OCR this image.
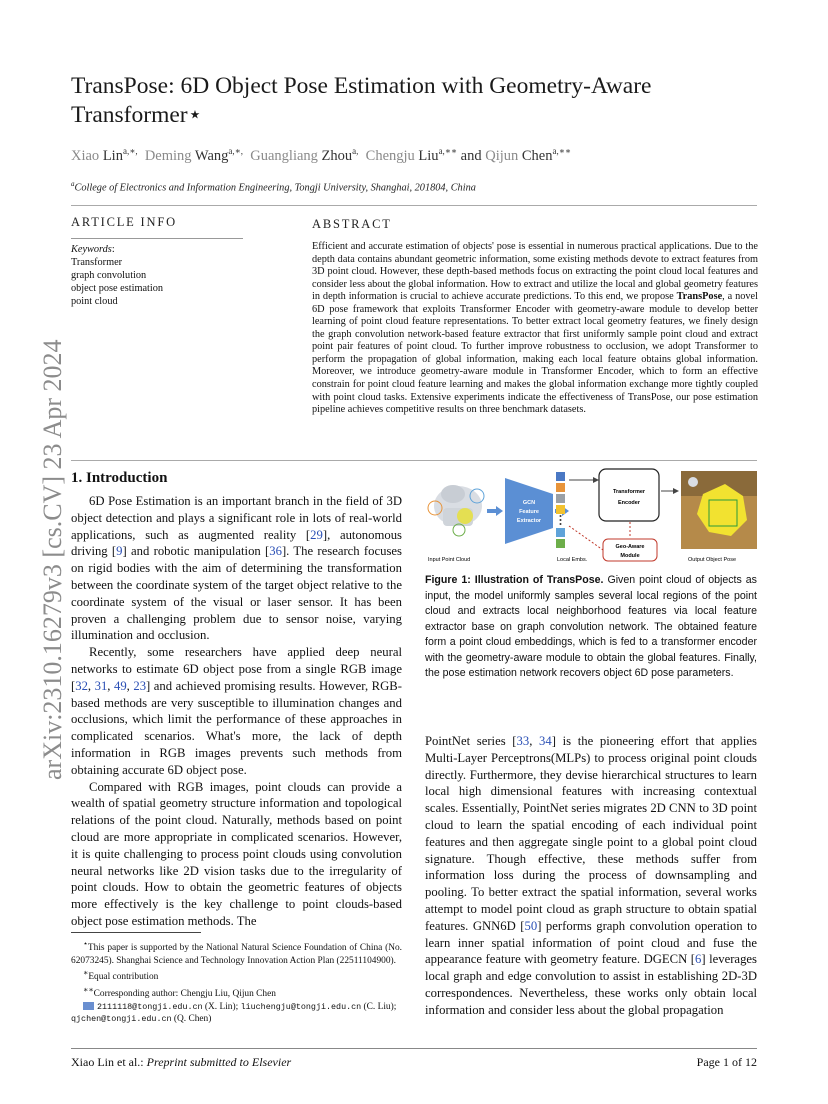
TransPose: 6D Object Pose Estimation with Geometry-Aware Transformer⋆
Xiao Lin$^{a,∗,}$ Deming Wang$^{a,∗,}$ Guangliang Zhou$^{a,}$ Chengju Liu$^{a,∗∗}$ and Qijun Chen$^{a,∗∗}$
$^a$College of Electronics and Information Engineering, Tongji University, Shanghai, 201804, China
ARTICLE INFO	ABSTRACT
Keywords:
Transformer
graph convolution
object pose estimation
point cloud
Efficient and accurate estimation of objects' pose is essential in numerous practical applications. Due to the depth data contains abundant geometric information, some existing methods devote to extract features from 3D point cloud. However, these depth-based methods focus on extracting the point cloud local features and consider less about the global information. How to extract and utilize the local and global geometry features in depth information is crucial to achieve accurate predictions. To this end, we propose TransPose, a novel 6D pose framework that exploits Transformer Encoder with geometry-aware module to develop better learning of point cloud feature representations. To better extract local geometry features, we finely design the graph convolution network-based feature extractor that first uniformly sample point cloud and extract point pair features of point cloud. To further improve robustness to occlusion, we adopt Transformer to perform the propagation of global information, making each local feature obtains global information. Moreover, we introduce geometry-aware module in Transformer Encoder, which to form an effective constrain for point cloud feature learning and makes the global information exchange more tightly coupled with point cloud tasks. Extensive experiments indicate the effectiveness of TransPose, our pose estimation pipeline achieves competitive results on three benchmark datasets.
arXiv:2310.16279v3 [cs.CV] 23 Apr 2024 1. Introduction

6D Pose Estimation is an important branch in the field of 3D object detection and plays a significant role in lots of real-world applications, such as augmented reality [29], autonomous driving [9] and robotic manipulation [36]. The research focuses on rigid bodies with the aim of determining the transformation between the coordinate system of the target object relative to the coordinate system of the visual or laser sensor. It has been proven a challenging problem due to sensor noise, varying illumination and occlusion.

Recently, some researchers have applied deep neural networks to estimate 6D object pose from a single RGB image [32, 31, 49, 23] and achieved promising results. However, RGB-based methods are very susceptible to illumination changes and occlusions, which limit the performance of these approaches in complicated scenarios. What's more, the lack of depth information in RGB images prevents such methods from obtaining accurate 6D object pose.

Compared with RGB images, point clouds can provide a wealth of spatial geometry structure information and topological relations of the point cloud. Naturally, methods based on point cloud are more appropriate in complicated scenarios. However, it is quite challenging to process point clouds using convolution neural networks like 2D vision tasks due to the irregularity of point clouds. How to obtain the geometric features of objects more effectively is the key challenge to point clouds-based object pose estimation methods. The

Input Point Cloud
GCN
Feature
Extractor
Local Embs.
Transformer
Encoder
Geo-Aware
Module
Output Object Pose
Figure 1: Illustration of TransPose. Given point cloud of objects as input, the model uniformly samples several local regions of the point cloud and extracts local neighborhood features via local feature extractor base on graph convolution network. The obtained feature form a point cloud embeddings, which is fed to a transformer encoder with the geometry-aware module to obtain the global features. Finally, the pose estimation network recovers object 6D pose parameters.

PointNet series [33, 34] is the pioneering effort that applies Multi-Layer Perceptrons(MLPs) to process original point clouds directly. Furthermore, they devise hierarchical structures to learn local high dimensional features with increasing contextual scales. Essentially, PointNet series migrates 2D CNN to 3D point cloud to learn the spatial encoding of each individual point features and then aggregate single point to a global point cloud signature. Though effective, these methods suffer from information loss during the process of downsampling and pooling. To better extract the spatial information, several works attempt to model point cloud as graph structure to obtain spatial features. GNN6D [50] performs graph convolution operation to learn inner spatial information of point cloud and fuse the appearance feature with geometry feature. DGECN [6] leverages local graph and edge convolution to assist in establishing 2D-3D correspondences. Nevertheless, these works only obtain local information and consider less about the global propagation

⋆This paper is supported by the National Natural Science Foundation of China (No. 62073245). Shanghai Science and Technology Innovation Action Plan (22511104900).
∗Equal contribution
∗∗Corresponding author: Chengju Liu, Qijun Chen
2111118@tongji.edu.cn (X. Lin); liuchengju@tongji.edu.cn (C. Liu); qjchen@tongji.edu.cn (Q. Chen)
Xiao Lin et al.: Preprint submitted to Elsevier	Page 1 of 12
